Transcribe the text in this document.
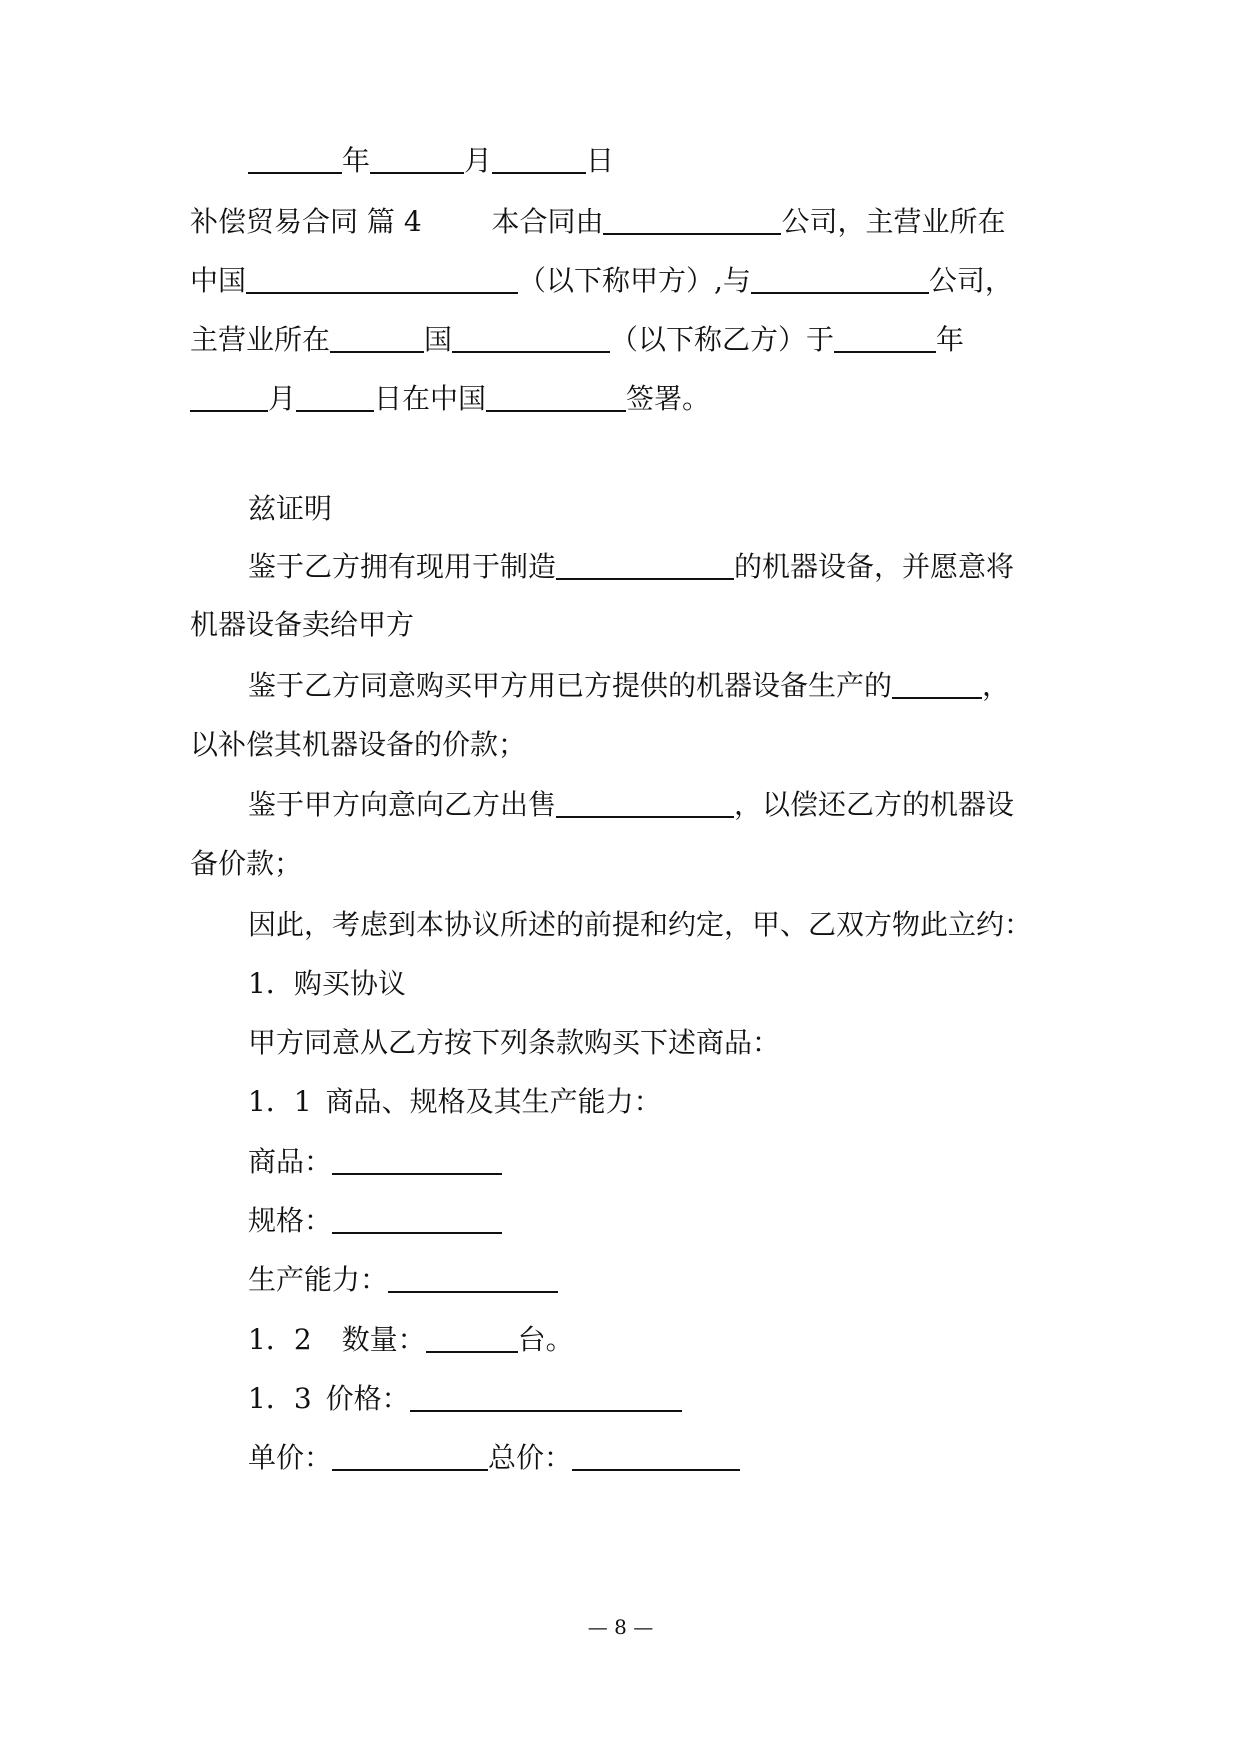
年	月	日
补偿贸易合同 篇 4 本合同由	公司，主营业所在
中国	（以下称甲方）,与	公司，
主营业所在	国	（以下称乙方）于	年
月	日在中国	签署。
兹证明
鉴于乙方拥有现用于制造	的机器设备，并愿意将
机器设备卖给甲方
鉴于乙方同意购买甲方用已方提供的机器设备生产的	，
以补偿其机器设备的价款；
鉴于甲方向意向乙方出售	，以偿还乙方的机器设
备价款；
因此，考虑到本协议所述的前提和约定，甲、乙双方物此立约：
1．购买协议
甲方同意从乙方按下列条款购买下述商品：
1．1 商品、规格及其生产能力：
商品：
规格：
生产能力：
1．2 数量：	台。
1．3 价格：
单价：	总价：
— 8 —
